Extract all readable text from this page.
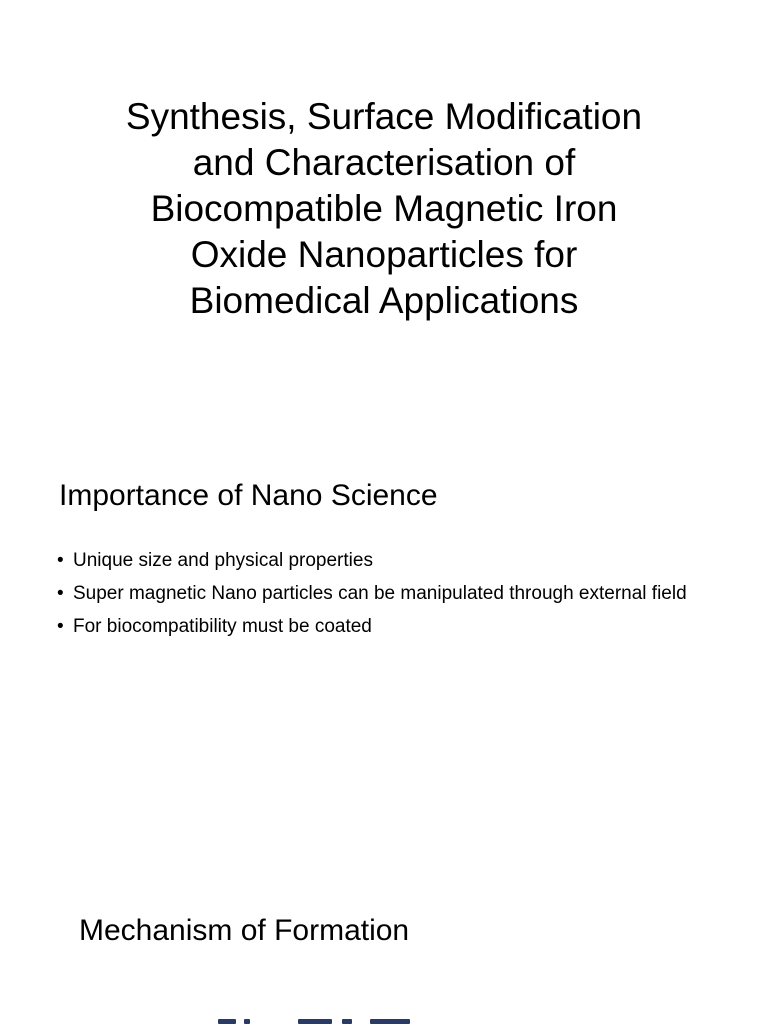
Synthesis, Surface Modification
and Characterisation of
Biocompatible Magnetic Iron
Oxide Nanoparticles for
Biomedical Applications
Importance of Nano Science
• Unique size and physical properties
• Super magnetic Nano particles can be manipulated through external field
• For biocompatibility must be coated
Mechanism of Formation
